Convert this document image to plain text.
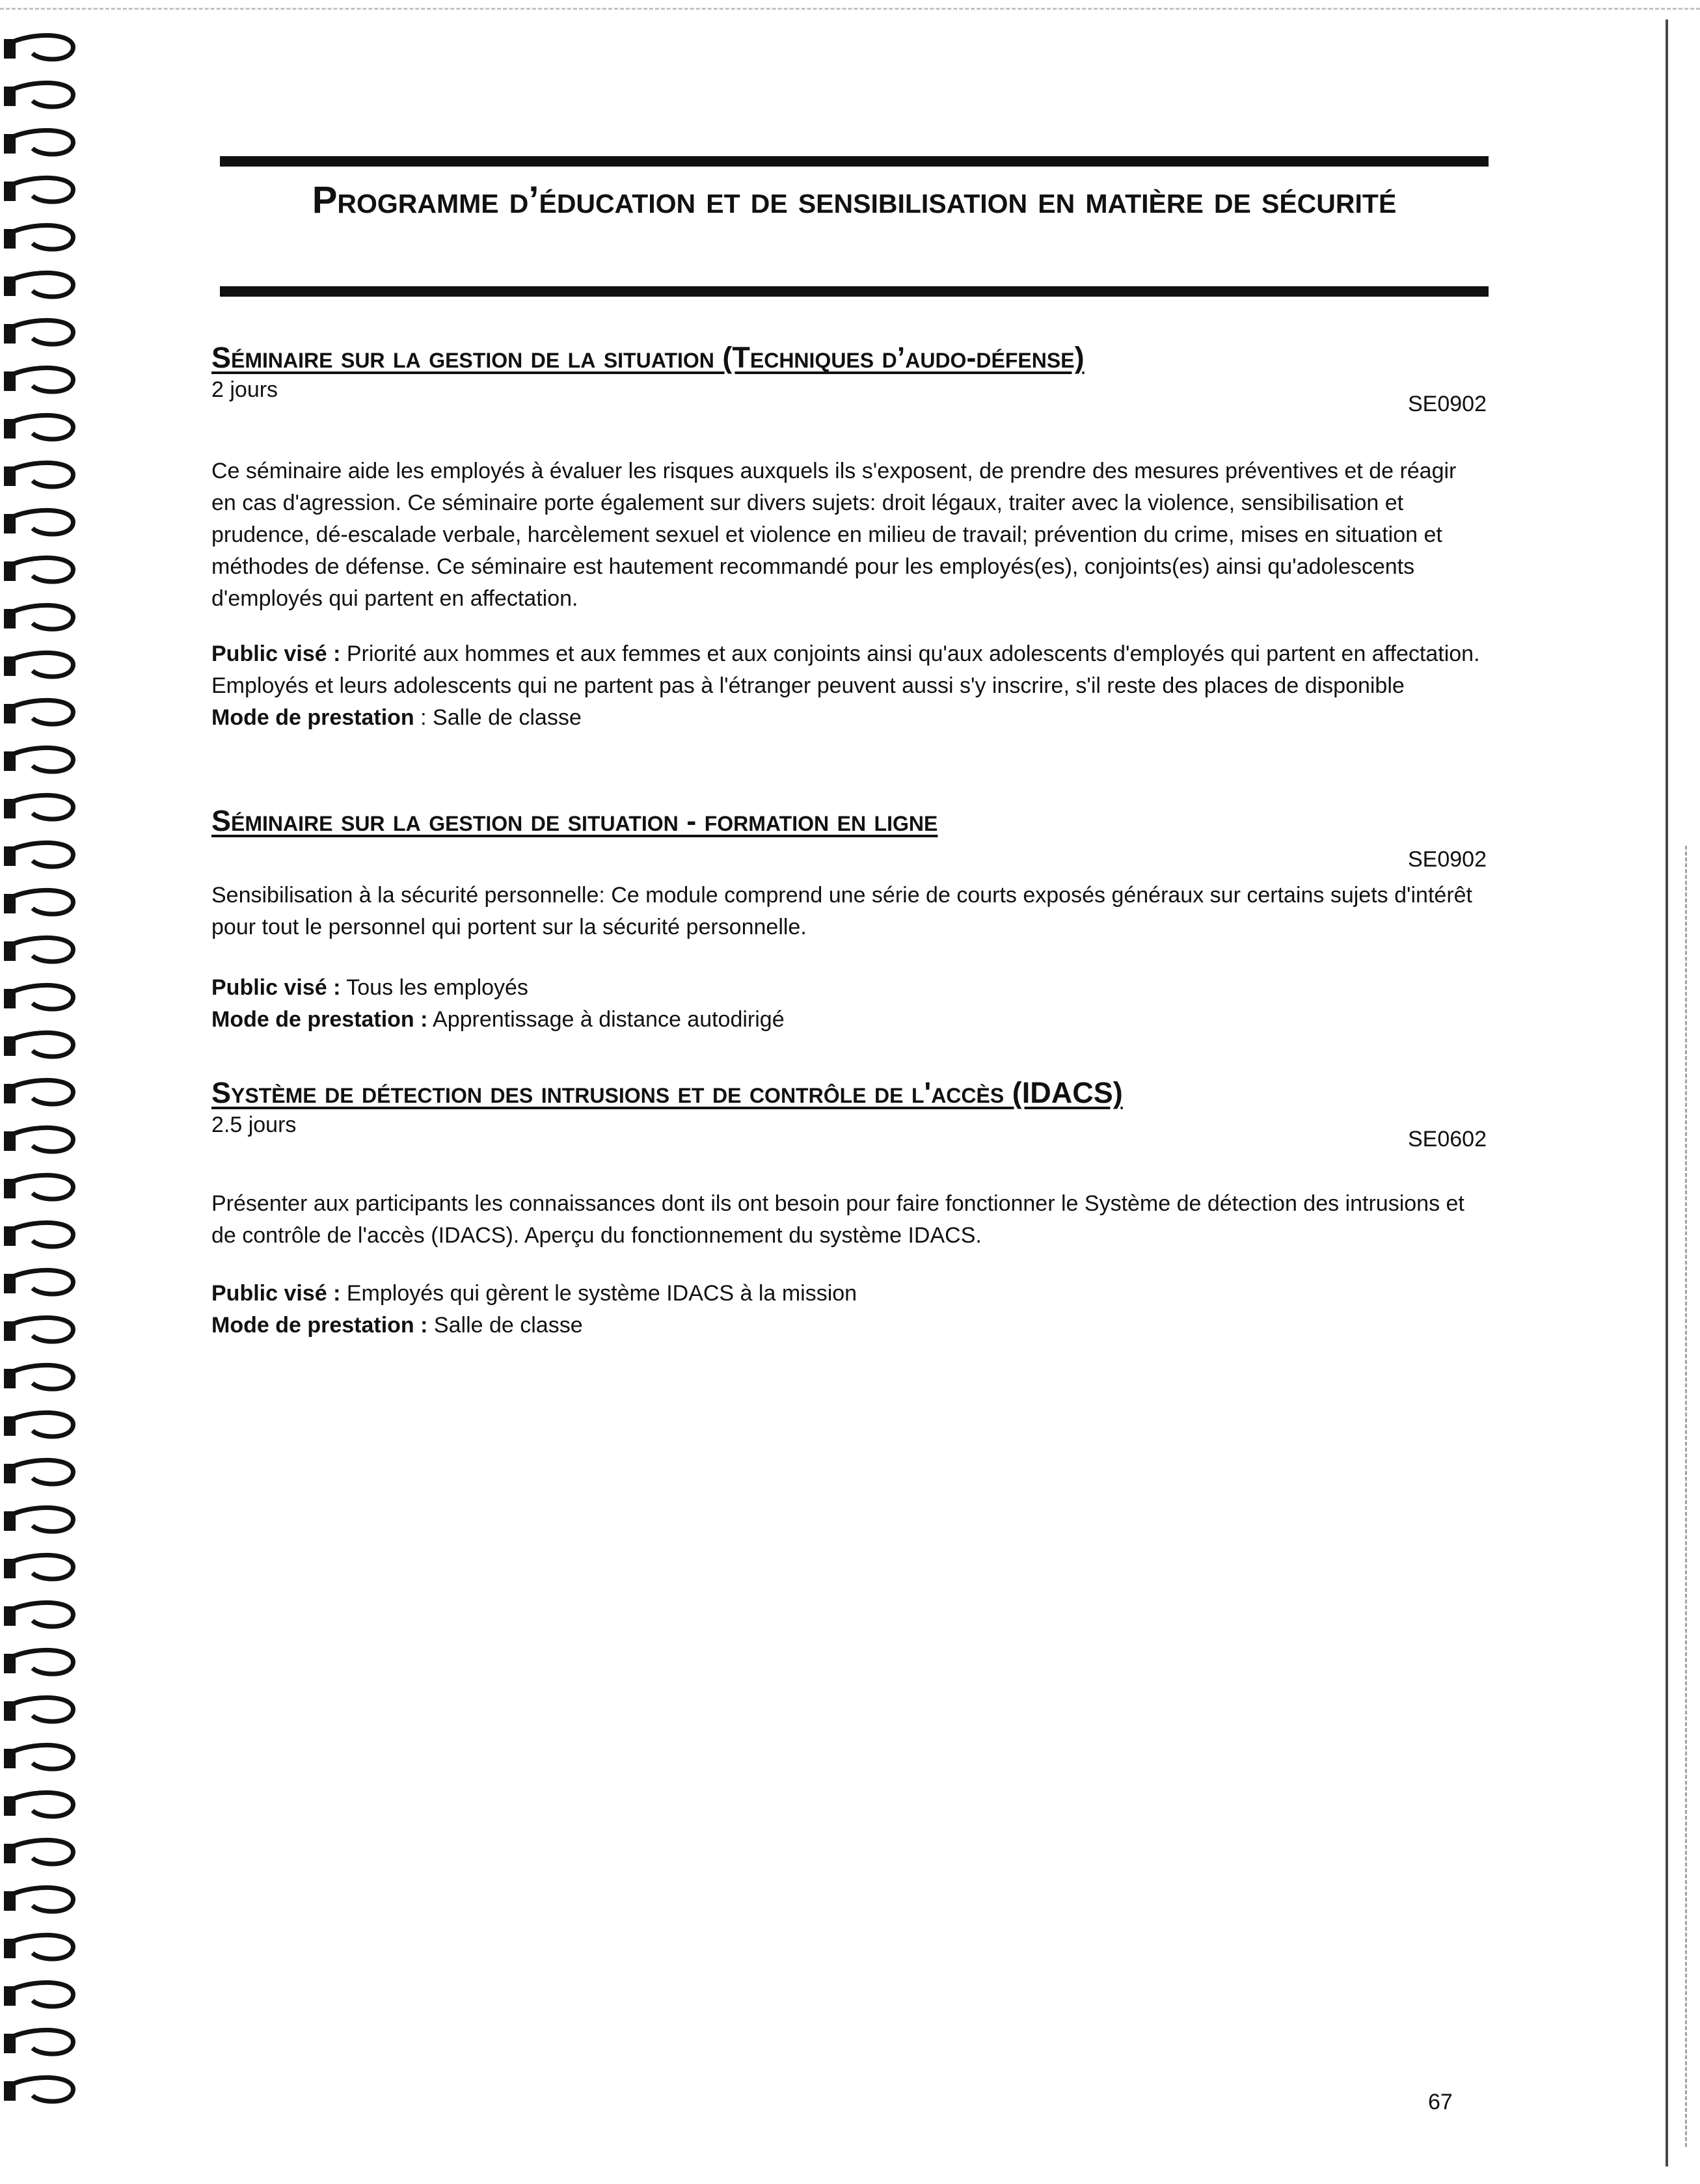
Programme d’éducation et de sensibilisation en matière de sécurité
Séminaire sur la gestion de la situation (Techniques d’audo-défense)
2 jours
SE0902

Ce séminaire aide les employés à évaluer les risques auxquels ils s'exposent, de prendre des mesures préventives et de réagir en cas d'agression. Ce séminaire porte également sur divers sujets: droit légaux, traiter avec la violence, sensibilisation et prudence, dé-escalade verbale, harcèlement sexuel et violence en milieu de travail; prévention du crime, mises en situation et méthodes de défense. Ce séminaire est hautement recommandé pour les employés(es), conjoints(es) ainsi qu'adolescents d'employés qui partent en affectation.

Public visé : Priorité aux hommes et aux femmes et aux conjoints ainsi qu'aux adolescents d'employés qui partent en affectation. Employés et leurs adolescents qui ne partent pas à l'étranger peuvent aussi s'y inscrire, s'il reste des places de disponible

Mode de prestation : Salle de classe

Séminaire sur la gestion de situation - formation en ligne
SE0902

Sensibilisation à la sécurité personnelle: Ce module comprend une série de courts exposés généraux sur certains sujets d'intérêt pour tout le personnel qui portent sur la sécurité personnelle.

Public visé : Tous les employés

Mode de prestation : Apprentissage à distance autodirigé

Système de détection des intrusions et de contrôle de l'accès (IDACS)
2.5 jours
SE0602

Présenter aux participants les connaissances dont ils ont besoin pour faire fonctionner le Système de détection des intrusions et de contrôle de l'accès (IDACS). Aperçu du fonctionnement du système IDACS.

Public visé : Employés qui gèrent le système IDACS à la mission

Mode de prestation : Salle de classe

67
